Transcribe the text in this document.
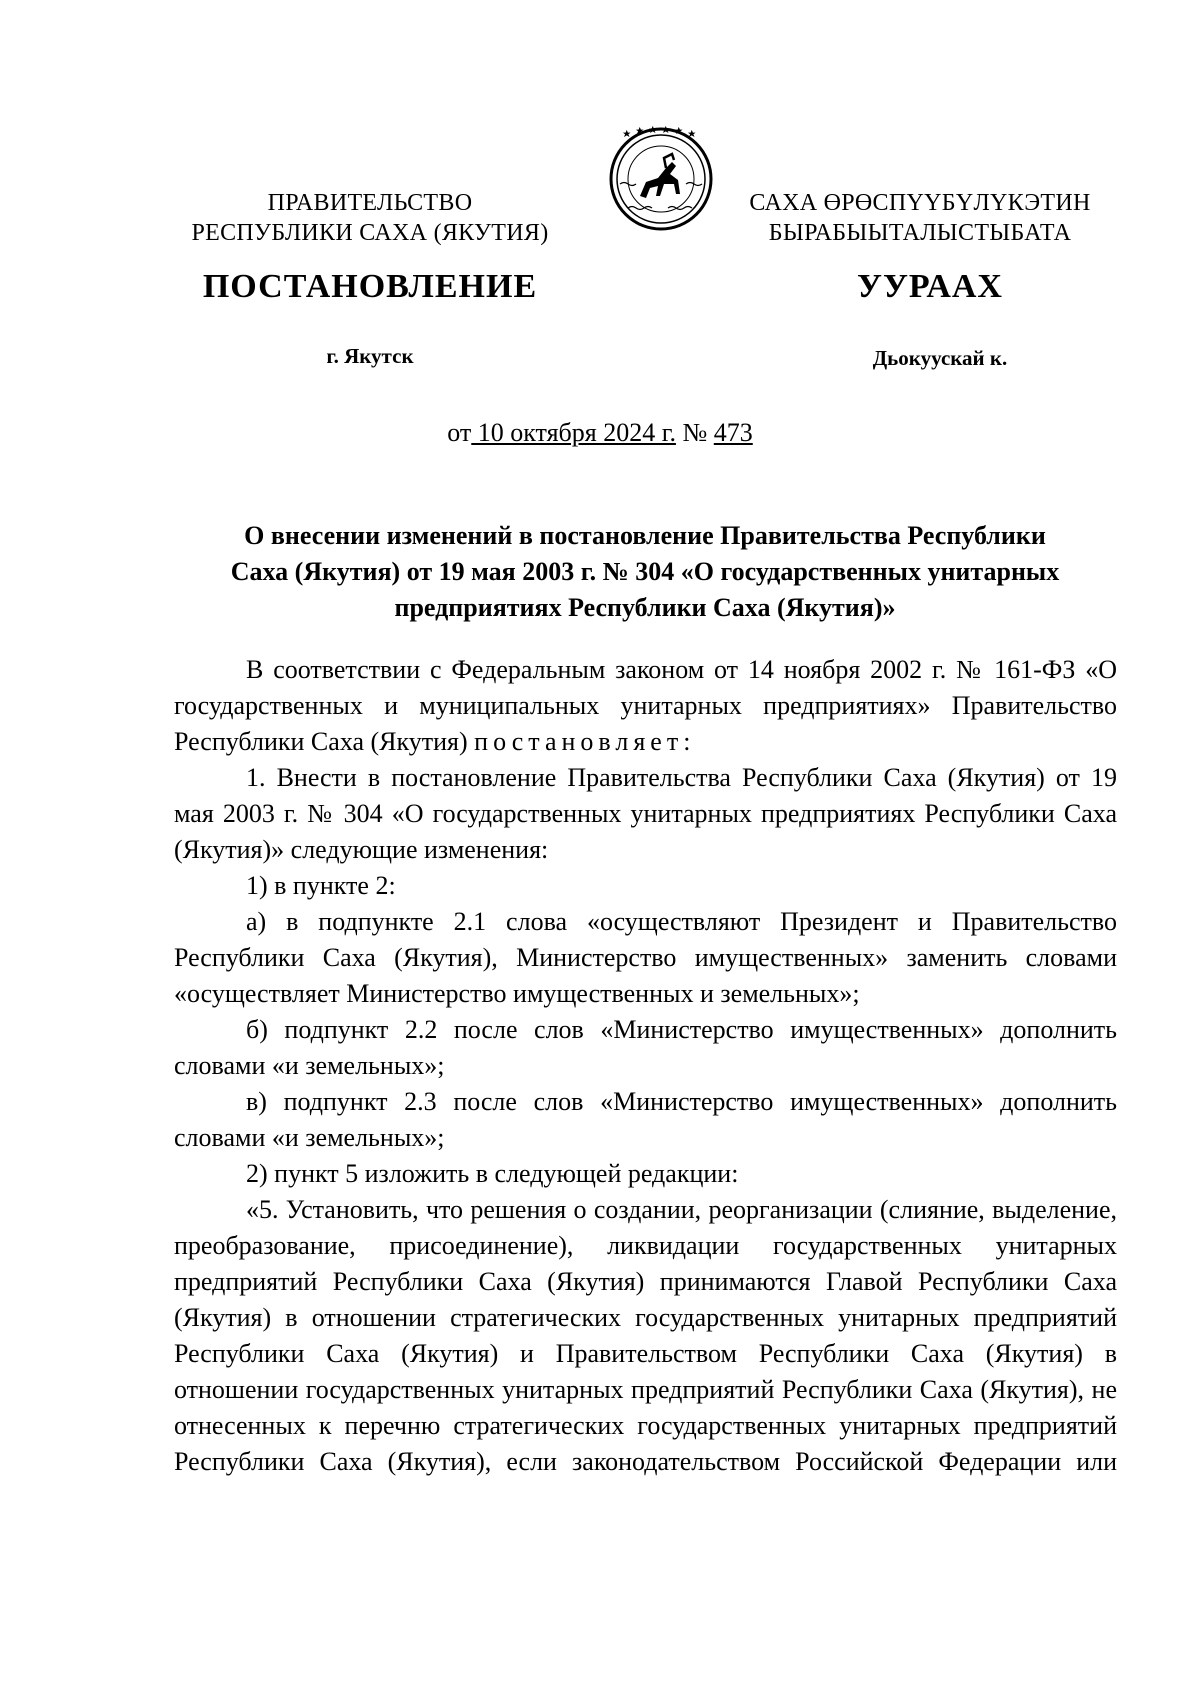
ПРАВИТЕЛЬСТВО
РЕСПУБЛИКИ САХА (ЯКУТИЯ)
САХА ӨРӨСПҮҮБҮЛҮКЭТИН
БЫРАБЫЫТАЛЫСТЫБАТА
ПОСТАНОВЛЕНИЕ	УУРААХ
г. Якутск	Дьокуускай к.
от 10 октября 2024 г. № 473
О внесении изменений в постановление Правительства Республики
Саха (Якутия) от 19 мая 2003 г. № 304 «О государственных унитарных
предприятиях Республики Саха (Якутия)»

В соответствии с Федеральным законом от 14 ноября 2002 г. № 161-ФЗ «О государственных и муниципальных унитарных предприятиях» Правительство Республики Саха (Якутия) постановляет:

1. Внести в постановление Правительства Республики Саха (Якутия) от 19 мая 2003 г. № 304 «О государственных унитарных предприятиях Республики Саха (Якутия)» следующие изменения:

1) в пункте 2:

а) в подпункте 2.1 слова «осуществляют Президент и Правительство Республики Саха (Якутия), Министерство имущественных» заменить словами «осуществляет Министерство имущественных и земельных»;

б) подпункт 2.2 после слов «Министерство имущественных» дополнить словами «и земельных»;

в) подпункт 2.3 после слов «Министерство имущественных» дополнить словами «и земельных»;

2) пункт 5 изложить в следующей редакции:

«5. Установить, что решения о создании, реорганизации (слияние, выделение, преобразование, присоединение), ликвидации государственных унитарных предприятий Республики Саха (Якутия) принимаются Главой Республики Саха (Якутия) в отношении стратегических государственных унитарных предприятий Республики Саха (Якутия) и Правительством Республики Саха (Якутия) в отношении государственных унитарных предприятий Республики Саха (Якутия), не отнесенных к перечню стратегических государственных унитарных предприятий Республики Саха (Якутия), если законодательством Российской Федерации или
